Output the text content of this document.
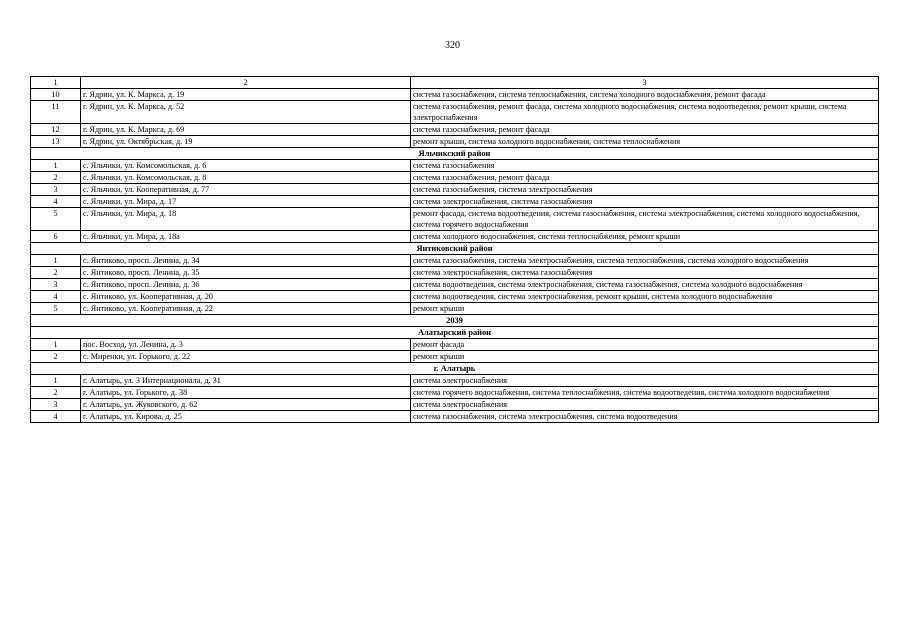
320
1	2	3
10	г. Ядрин, ул. К. Маркса, д. 19	система газоснабжения, система теплоснабжения, система холодного водоснабжения, ремонт фасада
11	г. Ядрин, ул. К. Маркса, д. 52	система газоснабжения, ремонт фасада, система холодного водоснабжения, система водоотведения, ремонт крыши, система электроснабжения
12	г. Ядрин, ул. К. Маркса, д. 69	система газоснабжения, ремонт фасада
13	г. Ядрин, ул. Октябрьская, д. 19	ремонт крыши, система холодного водоснабжения, система теплоснабжения
Яльчикский район		
1	с. Яльчики, ул. Комсомольская, д. 6	система газоснабжения
2	с. Яльчики, ул. Комсомольская, д. 8	система газоснабжения, ремонт фасада
3	с. Яльчики, ул. Кооперативная, д. 77	система газоснабжения, система электроснабжения
4	с. Яльчики, ул. Мира, д. 17	система электроснабжения, система газоснабжения
5	с. Яльчики, ул. Мира, д. 18	ремонт фасада, система водоотведения, система газоснабжения, система электроснабжения, система холодного водоснабжения, система горячего водоснабжения
6	с. Яльчики, ул. Мира, д. 18а	система холодного водоснабжения, система теплоснабжения, ремонт крыши
Янтиковский район		
1	с. Янтиково, просп. Ленина, д. 34	система газоснабжения, система электроснабжения, система теплоснабжения, система холодного водоснабжения
2	с. Янтиково, просп. Ленина, д. 35	система электроснабжения, система газоснабжения
3	с. Янтиково, просп. Ленина, д. 36	система водоотведения, система электроснабжения, система газоснабжения, система холодного водоснабжения
4	с. Янтиково, ул. Кооперативная, д. 20	система водоотведения, система электроснабжения, ремонт крыши, система холодного водоснабжения
5	с. Янтиково, ул. Кооперативная, д. 22	ремонт крыши
2039		
Алатырский район		
1	пос. Восход, ул. Ленина, д. 3	ремонт фасада
2	с. Миренки, ул. Горького, д. 22	ремонт крыши
г. Алатырь		
1	г. Алатырь, ул. 3 Интернационала, д. 31	система электроснабжения
2	г. Алатырь, ул. Горького, д. 38	система горячего водоснабжения, система теплоснабжения, система водоотведения, система холодного водоснабжения
3	г. Алатырь, ул. Жуковского, д. 62	система электроснабжения
4	г. Алатырь, ул. Кирова, д. 25	система газоснабжения, система электроснабжения, система водоотведения
